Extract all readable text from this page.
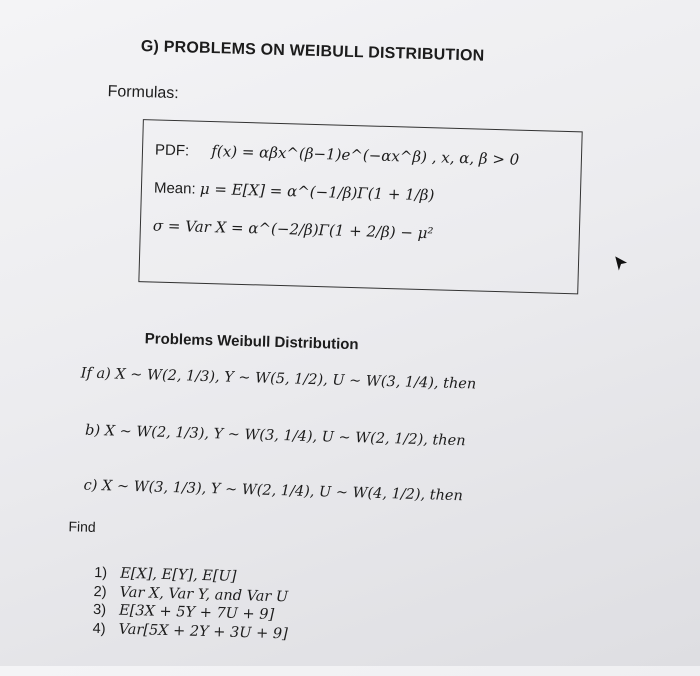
G) PROBLEMS ON WEIBULL DISTRIBUTION
Formulas:
PDF: f(x) = αβx^(β−1)e^(−αx^β) , x, α, β > 0
Mean: μ = E[X] = α^(−1/β)Γ(1 + 1/β)
σ = Var X = α^(−2/β)Γ(1 + 2/β) − μ²
Problems Weibull Distribution
If a) X ~ W(2, 1/3), Y ~ W(5, 1/2), U ~ W(3, 1/4), then
b) X ~ W(2, 1/3), Y ~ W(3, 1/4), U ~ W(2, 1/2), then
c) X ~ W(3, 1/3), Y ~ W(2, 1/4), U ~ W(4, 1/2), then
Find
1) E[X], E[Y], E[U]
2) Var X, Var Y, and Var U
3) E[3X + 5Y + 7U + 9]
4) Var[5X + 2Y + 3U + 9]
